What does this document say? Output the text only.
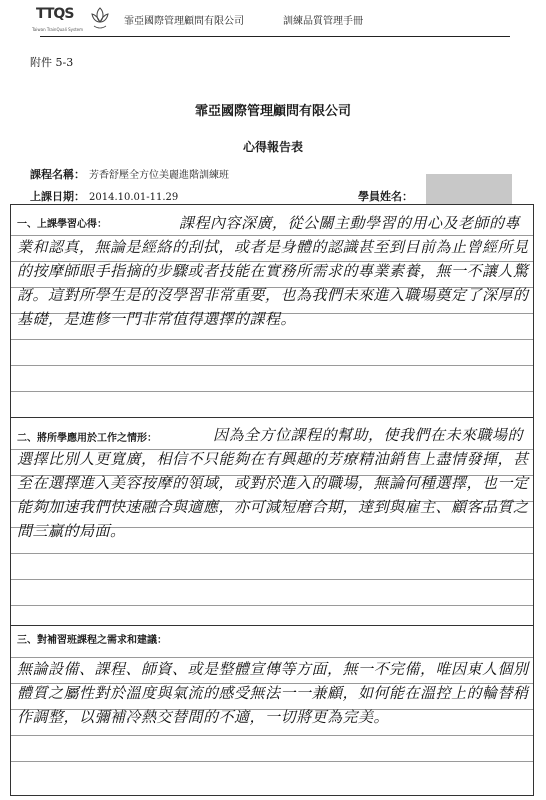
TTQS
Taiwan TrainQuali System
霏亞國際管理顧問有限公司	訓練品質管理手冊
附件 5-3
霏亞國際管理顧問有限公司
心得報告表
課程名稱： 芳香舒壓全方位美麗進階訓練班
上課日期： 2014.10.01-11.29	學員姓名：
課程內容深廣，從公關主動學習的用心及老師的專業和認真，無論是經絡的刮拭，或者是身體的認識甚至到目前為止曾經所見的按摩師眼手指摘的步驟或者技能在實務所需求的專業素養，無一不讓人驚訝。這對所學生是的沒學習非常重要，也為我們未來進入職場奠定了深厚的基礎，是進修一門非常值得選擇的課程。
一、上課學習心得：
因為全方位課程的幫助，使我們在未來職場的選擇比別人更寬廣，相信不只能夠在有興趣的芳療精油銷售上盡情發揮，甚至在選擇進入美容按摩的領域，或對於進入的職場，無論何種選擇，也一定能夠加速我們快速融合與適應，亦可減短磨合期，達到與雇主、顧客品質之間三贏的局面。
二、將所學應用於工作之情形：
三、對補習班課程之需求和建議：
無論設備、課程、師資、或是整體宣傳等方面，無一不完備，唯因東人個別體質之屬性對於溫度與氣流的感受無法一一兼顧，如何能在溫控上的輪替稍作調整，以彌補冷熱交替間的不適，一切將更為完美。
